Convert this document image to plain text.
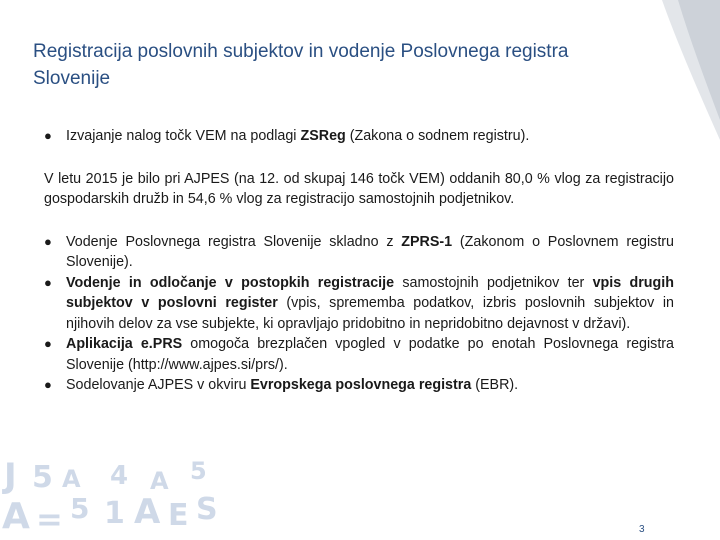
J 5 A 4 A 5
A = 5 1 A E S
Registracija poslovnih subjektov in vodenje Poslovnega registra Slovenije
● Izvajanje nalog točk VEM na podlagi ZSReg (Zakona o sodnem registru).
V letu 2015 je bilo pri AJPES (na 12. od skupaj 146 točk VEM) oddanih 80,0 % vlog za registracijo gospodarskih družb in 54,6 % vlog za registracijo samostojnih podjetnikov.
● Vodenje Poslovnega registra Slovenije skladno z ZPRS-1 (Zakonom o Poslovnem registru Slovenije).
● Vodenje in odločanje v postopkih registracije samostojnih podjetnikov ter vpis drugih subjektov v poslovni register (vpis, sprememba podatkov, izbris poslovnih subjektov in njihovih delov za vse subjekte, ki opravljajo pridobitno in nepridobitno dejavnost v državi).
● Aplikacija e.PRS omogoča brezplačen vpogled v podatke po enotah Poslovnega registra Slovenije (http://www.ajpes.si/prs/).
● Sodelovanje AJPES v okviru Evropskega poslovnega registra (EBR).
3
